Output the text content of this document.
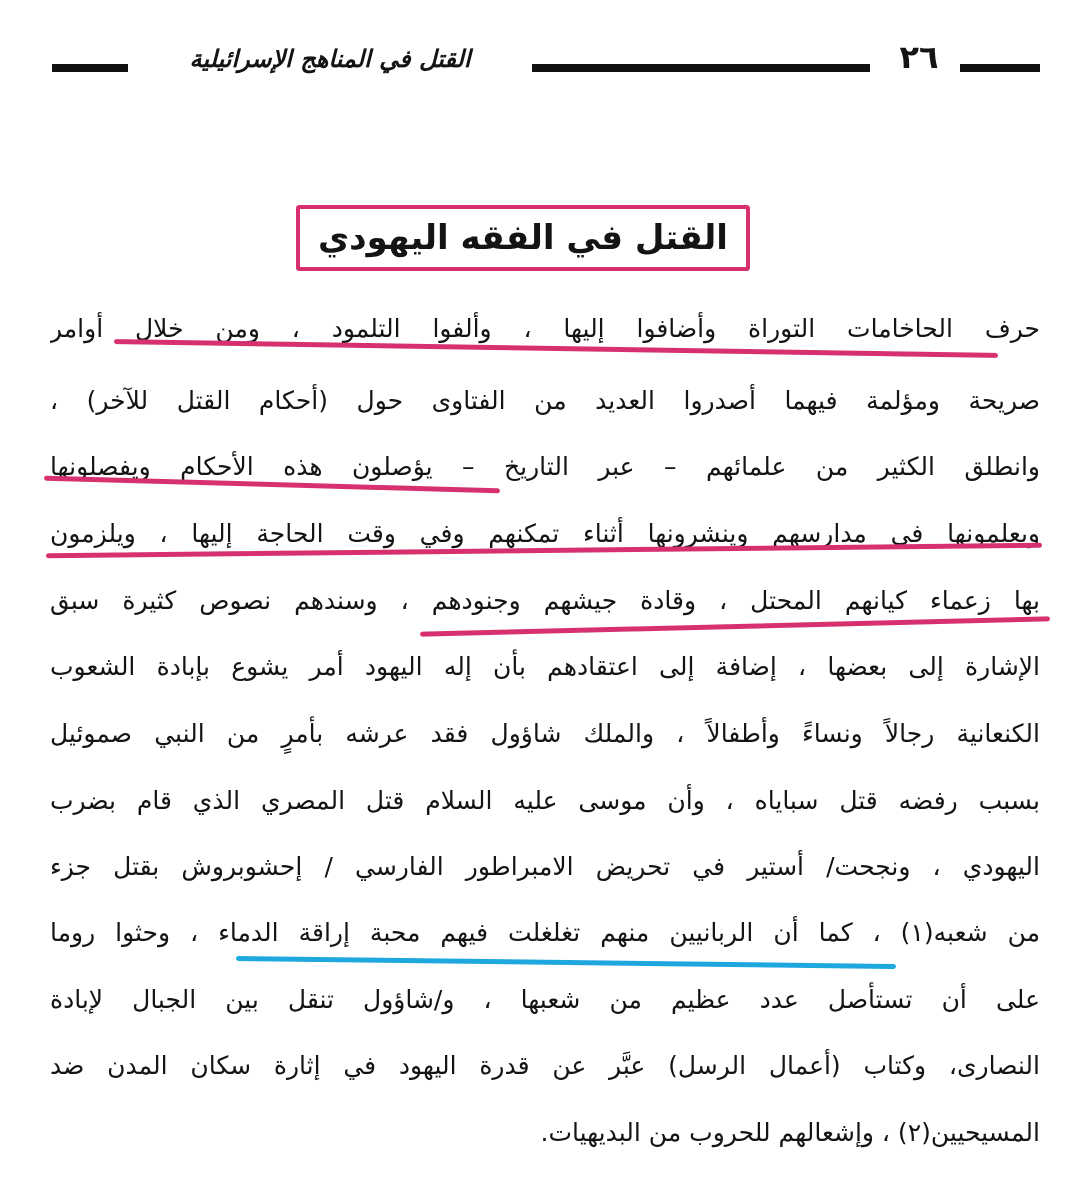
٢٦
القتل في المناهج الإسرائيلية
القتل في الفقه اليهودي
حرف الحاخامات التوراة وأضافوا إليها ، وألفوا التلمود ، ومن خلال أوامر
صريحة ومؤلمة فيهما أصدروا العديد من الفتاوى حول (أحكام القتل للآخر) ،
وانطلق الكثير من علمائهم – عبر التاريخ – يؤصلون هذه الأحكام ويفصلونها
ويعلمونها في مدارسهم وينشرونها أثناء تمكنهم وفي وقت الحاجة إليها ، ويلزمون
بها زعماء كيانهم المحتل ، وقادة جيشهم وجنودهم ، وسندهم نصوص كثيرة سبق
الإشارة إلى بعضها ، إضافة إلى اعتقادهم بأن إله اليهود أمر يشوع بإبادة الشعوب
الكنعانية رجالاً ونساءً وأطفالاً ، والملك شاؤول فقد عرشه بأمرٍ من النبي صموئيل
بسبب رفضه قتل سباياه ، وأن موسى عليه السلام قتل المصري الذي قام بضرب
اليهودي ، ونجحت/ أستير في تحريض الامبراطور الفارسي / إحشوبروش بقتل جزء
من شعبه(١) ، كما أن الربانيين منهم تغلغلت فيهم محبة إراقة الدماء ، وحثوا روما
على أن تستأصل عدد عظيم من شعبها ، و/شاؤول تنقل بين الجبال لإبادة
النصارى، وكتاب (أعمال الرسل) عبَّر عن قدرة اليهود في إثارة سكان المدن ضد
المسيحيين(٢) ، وإشعالهم للحروب من البديهيات.
